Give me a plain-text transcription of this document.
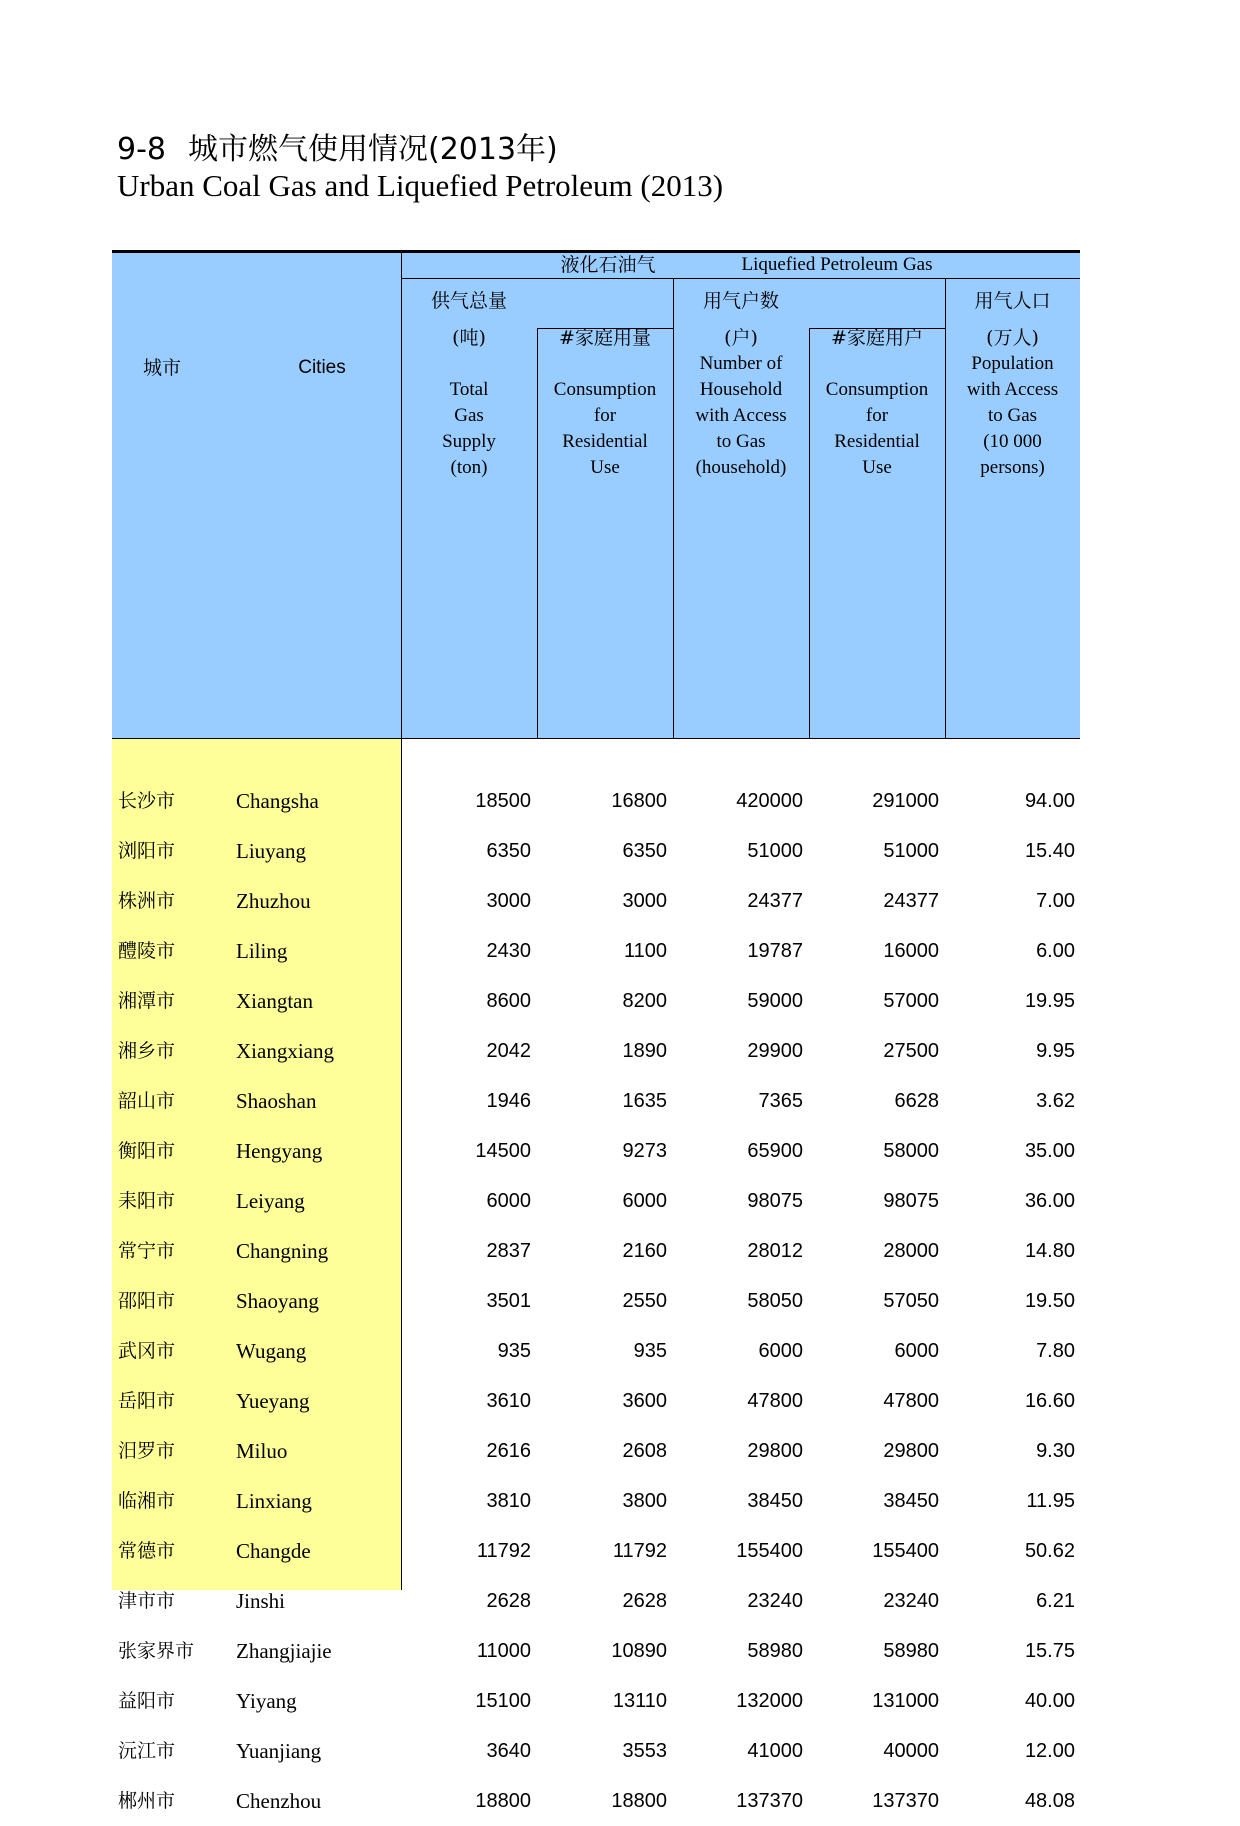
9-8 城市燃气使用情况(2013年)
Urban Coal Gas and Liquefied Petroleum (2013)
液化石油气	Liquefied Petroleum Gas
城市	Cities
供气总量
(吨)
Total
Gas
Supply
(ton)
#家庭用量
Consumption
for
Residential
Use
用气户数
(户)
Number of
Household
with Access
to Gas
(household)
#家庭用户
Consumption
for
Residential
Use
用气人口
(万人)
Population
with Access
to Gas
(10 000
persons)
长沙市	Changsha	18500	16800	420000	291000	94.00
浏阳市	Liuyang	6350	6350	51000	51000	15.40
株洲市	Zhuzhou	3000	3000	24377	24377	7.00
醴陵市	Liling	2430	1100	19787	16000	6.00
湘潭市	Xiangtan	8600	8200	59000	57000	19.95
湘乡市	Xiangxiang	2042	1890	29900	27500	9.95
韶山市	Shaoshan	1946	1635	7365	6628	3.62
衡阳市	Hengyang	14500	9273	65900	58000	35.00
耒阳市	Leiyang	6000	6000	98075	98075	36.00
常宁市	Changning	2837	2160	28012	28000	14.80
邵阳市	Shaoyang	3501	2550	58050	57050	19.50
武冈市	Wugang	935	935	6000	6000	7.80
岳阳市	Yueyang	3610	3600	47800	47800	16.60
汨罗市	Miluo	2616	2608	29800	29800	9.30
临湘市	Linxiang	3810	3800	38450	38450	11.95
常德市	Changde	11792	11792	155400	155400	50.62
津市市	Jinshi	2628	2628	23240	23240	6.21
张家界市 Zhangjiajie	11000	10890	58980	58980	15.75
益阳市	Yiyang	15100	13110	132000	131000	40.00
沅江市	Yuanjiang	3640	3553	41000	40000	12.00
郴州市	Chenzhou	18800	18800	137370	137370	48.08
